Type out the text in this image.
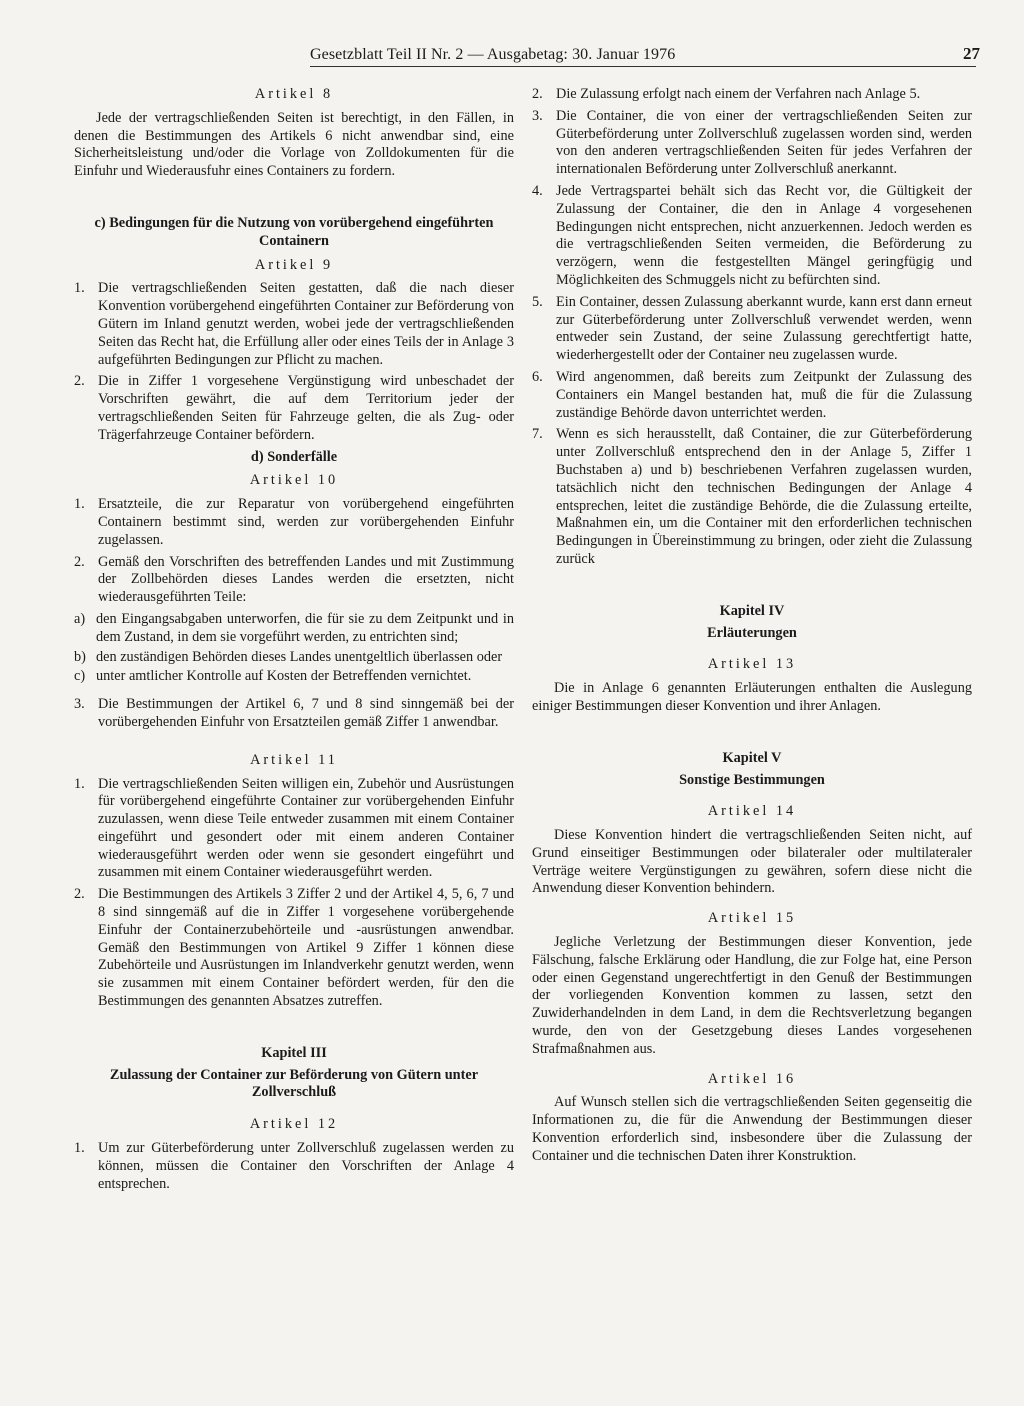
Gesetzblatt Teil II Nr. 2 — Ausgabetag: 30. Januar 1976	27
Artikel 8

Jede der vertragschließenden Seiten ist berechtigt, in den Fällen, in denen die Bestimmungen des Artikels 6 nicht anwendbar sind, eine Sicherheitsleistung und/oder die Vorlage von Zolldokumenten für die Einfuhr und Wiederausfuhr eines Containers zu fordern.

c) Bedingungen für die Nutzung von vorübergehend eingeführten Containern
Artikel 9
1. Die vertragschließenden Seiten gestatten, daß die nach dieser Konvention vorübergehend eingeführten Container zur Beförderung von Gütern im Inland genutzt werden, wobei jede der vertragschließenden Seiten das Recht hat, die Erfüllung aller oder eines Teils der in Anlage 3 aufgeführten Bedingungen zur Pflicht zu machen.
2. Die in Ziffer 1 vorgesehene Vergünstigung wird unbeschadet der Vorschriften gewährt, die auf dem Territorium jeder der vertragschließenden Seiten für Fahrzeuge gelten, die als Zug- oder Trägerfahrzeuge Container befördern.
d) Sonderfälle
Artikel 10
1. Ersatzteile, die zur Reparatur von vorübergehend eingeführten Containern bestimmt sind, werden zur vorübergehenden Einfuhr zugelassen.
2. Gemäß den Vorschriften des betreffenden Landes und mit Zustimmung der Zollbehörden dieses Landes werden die ersetzten, nicht wiederausgeführten Teile:
a) den Eingangsabgaben unterworfen, die für sie zu dem Zeitpunkt und in dem Zustand, in dem sie vorgeführt werden, zu entrichten sind;
b) den zuständigen Behörden dieses Landes unentgeltlich überlassen oder
c) unter amtlicher Kontrolle auf Kosten der Betreffenden vernichtet.
3. Die Bestimmungen der Artikel 6, 7 und 8 sind sinngemäß bei der vorübergehenden Einfuhr von Ersatzteilen gemäß Ziffer 1 anwendbar.
Artikel 11
1. Die vertragschließenden Seiten willigen ein, Zubehör und Ausrüstungen für vorübergehend eingeführte Container zur vorübergehenden Einfuhr zuzulassen, wenn diese Teile entweder zusammen mit einem Container eingeführt und gesondert oder mit einem anderen Container wiederausgeführt werden oder wenn sie gesondert eingeführt und zusammen mit einem Container wiederausgeführt werden.
2. Die Bestimmungen des Artikels 3 Ziffer 2 und der Artikel 4, 5, 6, 7 und 8 sind sinngemäß auf die in Ziffer 1 vorgesehene vorübergehende Einfuhr der Containerzubehörteile und -ausrüstungen anwendbar. Gemäß den Bestimmungen von Artikel 9 Ziffer 1 können diese Zubehörteile und Ausrüstungen im Inlandverkehr genutzt werden, wenn sie zusammen mit einem Container befördert werden, für den die Bestimmungen des genannten Absatzes zutreffen.
Kapitel III
Zulassung der Container zur Beförderung von Gütern unter Zollverschluß
Artikel 12
1. Um zur Güterbeförderung unter Zollverschluß zugelassen werden zu können, müssen die Container den Vorschriften der Anlage 4 entsprechen.
2. Die Zulassung erfolgt nach einem der Verfahren nach Anlage 5.
3. Die Container, die von einer der vertragschließenden Seiten zur Güterbeförderung unter Zollverschluß zugelassen worden sind, werden von den anderen vertragschließenden Seiten für jedes Verfahren der internationalen Beförderung unter Zollverschluß anerkannt.
4. Jede Vertragspartei behält sich das Recht vor, die Gültigkeit der Zulassung der Container, die den in Anlage 4 vorgesehenen Bedingungen nicht entsprechen, nicht anzuerkennen. Jedoch werden es die vertragschließenden Seiten vermeiden, die Beförderung zu verzögern, wenn die festgestellten Mängel geringfügig und Möglichkeiten des Schmuggels nicht zu befürchten sind.
5. Ein Container, dessen Zulassung aberkannt wurde, kann erst dann erneut zur Güterbeförderung unter Zollverschluß verwendet werden, wenn entweder sein Zustand, der seine Zulassung gerechtfertigt hatte, wiederhergestellt oder der Container neu zugelassen wurde.
6. Wird angenommen, daß bereits zum Zeitpunkt der Zulassung des Containers ein Mangel bestanden hat, muß die für die Zulassung zuständige Behörde davon unterrichtet werden.
7. Wenn es sich herausstellt, daß Container, die zur Güterbeförderung unter Zollverschluß entsprechend den in der Anlage 5, Ziffer 1 Buchstaben a) und b) beschriebenen Verfahren zugelassen wurden, tatsächlich nicht den technischen Bedingungen der Anlage 4 entsprechen, leitet die zuständige Behörde, die die Zulassung erteilte, Maßnahmen ein, um die Container mit den erforderlichen technischen Bedingungen in Übereinstimmung zu bringen, oder zieht die Zulassung zurück
Kapitel IV
Erläuterungen
Artikel 13

Die in Anlage 6 genannten Erläuterungen enthalten die Auslegung einiger Bestimmungen dieser Konvention und ihrer Anlagen.

Kapitel V
Sonstige Bestimmungen
Artikel 14

Diese Konvention hindert die vertragschließenden Seiten nicht, auf Grund einseitiger Bestimmungen oder bilateraler oder multilateraler Verträge weitere Vergünstigungen zu gewähren, sofern diese nicht die Anwendung dieser Konvention behindern.

Artikel 15

Jegliche Verletzung der Bestimmungen dieser Konvention, jede Fälschung, falsche Erklärung oder Handlung, die zur Folge hat, eine Person oder einen Gegenstand ungerechtfertigt in den Genuß der Bestimmungen der vorliegenden Konvention kommen zu lassen, setzt den Zuwiderhandelnden in dem Land, in dem die Rechtsverletzung begangen wurde, den von der Gesetzgebung dieses Landes vorgesehenen Strafmaßnahmen aus.

Artikel 16

Auf Wunsch stellen sich die vertragschließenden Seiten gegenseitig die Informationen zu, die für die Anwendung der Bestimmungen dieser Konvention erforderlich sind, insbesondere über die Zulassung der Container und die technischen Daten ihrer Konstruktion.
